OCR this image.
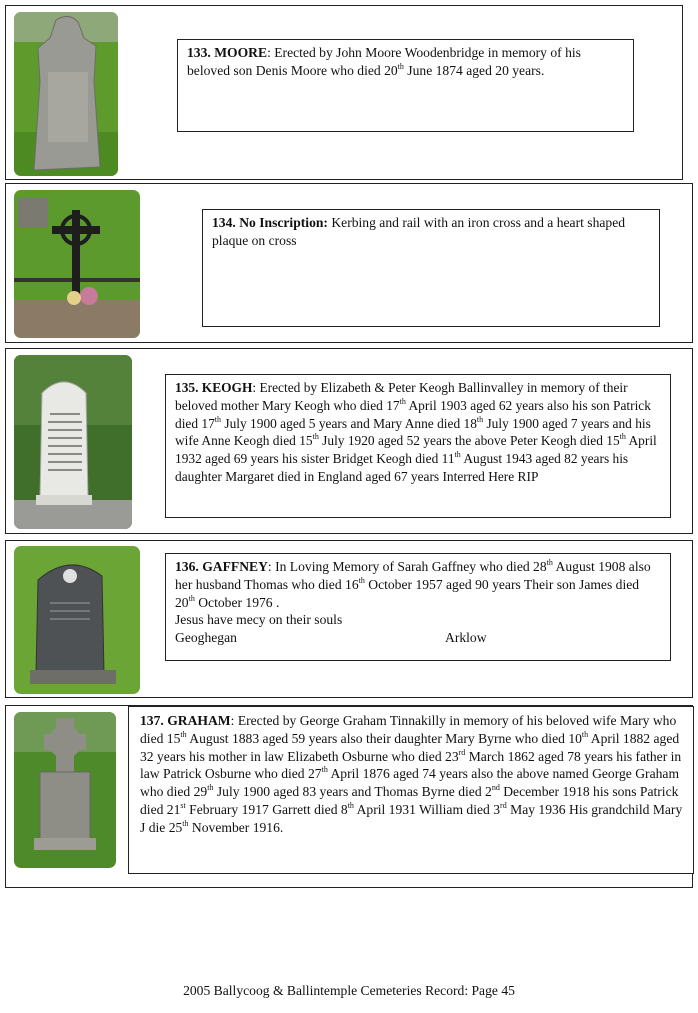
133. MOORE: Erected by John Moore Woodenbridge in memory of his beloved son Denis Moore who died 20th June 1874 aged 20 years.
134. No Inscription: Kerbing and rail with an iron cross and a heart shaped plaque on cross
135. KEOGH: Erected by Elizabeth & Peter Keogh Ballinvalley in memory of their beloved mother Mary Keogh who died 17th April 1903 aged 62 years also his son Patrick died 17th July 1900 aged 5 years and Mary Anne died 18th July 1900 aged 7 years and his wife Anne Keogh died 15th July 1920 aged 52 years the above Peter Keogh died 15th April 1932 aged 69 years his sister Bridget Keogh died 11th August 1943 aged 82 years his daughter Margaret died in England aged 67 years Interred Here RIP
136. GAFFNEY: In Loving Memory of Sarah Gaffney who died 28th August 1908 also her husband Thomas who died 16th October 1957 aged 90 years Their son James died 20th October 1976 .
Jesus have mecy on their souls
Geoghegan	Arklow
137. GRAHAM: Erected by George Graham Tinnakilly in memory of his beloved wife Mary who died 15th August 1883 aged 59 years also their daughter Mary Byrne who died 10th April 1882 aged 32 years his mother in law Elizabeth Osburne who died 23rd March 1862 aged 78 years his father in law Patrick Osburne who died 27th April 1876 aged 74 years also the above named George Graham who died 29th July 1900 aged 83 years and Thomas Byrne died 2nd December 1918 his sons Patrick died 21st February 1917 Garrett died 8th April 1931 William died 3rd May 1936 His grandchild Mary J die 25th November 1916.
2005 Ballycoog & Ballintemple Cemeteries Record: Page 45
